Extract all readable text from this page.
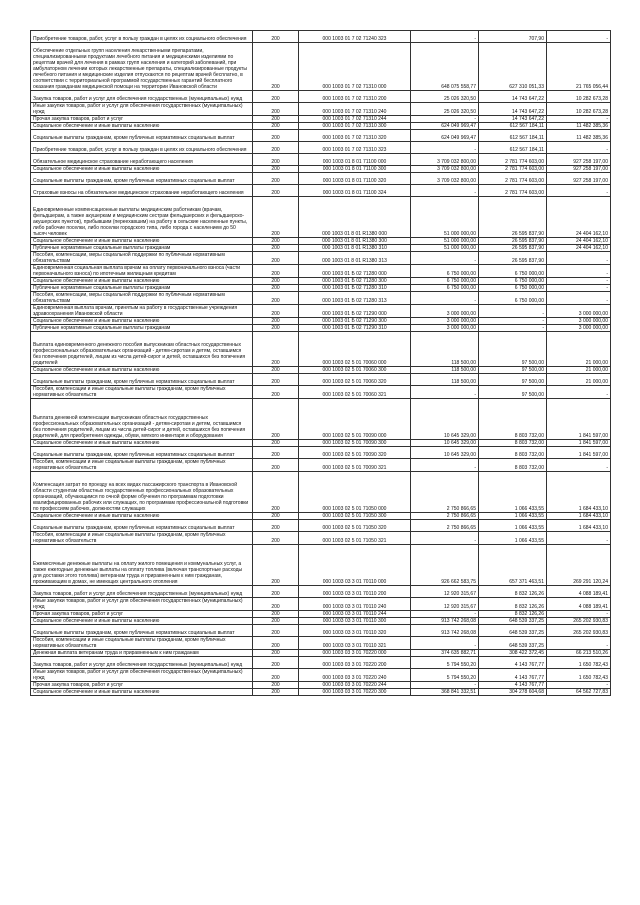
Приобретение товаров, работ, услуг в пользу граждан в целях их социального обеспечения	200	000 1003 01 7 02 71240 323	-	707,90	-
Обеспечение отдельных групп населения лекарственными препаратами, специализированными продуктами лечебного питания и медицинскими изделиями по рецептам врачей для лечения в рамках групп населения и категорий заболеваний, при амбулаторном лечении которых лекарственные препараты, специализированные продукты лечебного питания и медицинские изделия отпускаются по рецептам врачей бесплатно, в соответствии с территориальной программой государственных гарантий бесплатного оказания гражданам медицинской помощи на территории Ивановской области	200	000 1003 01 7 02 71310 000	648 075 558,77	627 310 051,33	21 765 056,44
Закупка товаров, работ и услуг для обеспечения государственных (муниципальных) нужд	200	000 1003 01 7 02 71310 200	25 026 320,50	14 743 647,22	10 282 673,28
Иные закупки товаров, работ и услуг для обеспечения государственных (муниципальных) нужд	200	000 1003 01 7 02 71310 240	25 026 320,50	14 743 647,22	10 282 673,28
Прочая закупка товаров, работ и услуг	200	000 1003 01 7 02 71310 244	-	14 743 647,22	-
Социальное обеспечение и иные выплаты населению	200	000 1003 01 7 02 71310 300	624 049 969,47	612 567 184,11	11 482 385,36
Социальные выплаты гражданам, кроме публичных нормативных социальных выплат	200	000 1003 01 7 02 71310 320	624 049 969,47	612 567 184,11	11 482 385,36
Приобретение товаров, работ, услуг в пользу граждан в целях их социального обеспечения	200	000 1003 01 7 02 71310 323	-	612 567 184,11	-
Обязательное медицинское страхование неработающего населения	200	000 1003 01 8 01 71100 000	3 709 032 800,00	2 781 774 603,00	927 258 197,00
Социальное обеспечение и иные выплаты населению	200	000 1003 01 8 01 71100 300	3 709 032 800,00	2 781 774 603,00	927 258 197,00
Социальные выплаты гражданам, кроме публичных нормативных социальных выплат	200	000 1003 01 8 01 71100 320	3 709 032 800,00	2 781 774 603,00	927 258 197,00
Страховые взносы на обязательное медицинское страхование неработающего населения	200	000 1003 01 8 01 71100 324	-	2 781 774 603,00	-
Единовременные компенсационные выплаты медицинским работникам (врачам, фельдшерам, а также акушеркам и медицинским сестрам фельдшерских и фельдшерско-акушерских пунктов), прибывшим (переехавшим) на работу в сельские населенные пункты, либо рабочие поселки, либо поселки городского типа, либо города с населением до 50 тысяч человек	200	000 1003 01 8 01 R1380 000	51 000 000,00	26 595 837,90	24 404 162,10
Социальное обеспечение и иные выплаты населению	200	000 1003 01 8 01 R1380 300	51 000 000,00	26 595 837,90	24 404 162,10
Публичные нормативные социальные выплаты гражданам	200	000 1003 01 8 01 R1380 310	51 000 000,00	26 595 837,90	24 404 162,10
Пособия, компенсации, меры социальной поддержки по публичным нормативным обязательствам	200	000 1003 01 8 01 R1380 313	-	26 595 837,90	-
Единовременная социальная выплата врачам на оплату первоначального взноса (части первоначального взноса) по ипотечным жилищным кредитам	200	000 1003 01 Б 02 71280 000	6 750 000,00	6 750 000,00	-
Социальное обеспечение и иные выплаты населению	200	000 1003 01 Б 02 71280 300	6 750 000,00	6 750 000,00	-
Публичные нормативные социальные выплаты гражданам	200	000 1003 01 Б 02 71280 310	6 750 000,00	6 750 000,00	-
Пособия, компенсации, меры социальной поддержки по публичным нормативным обязательствам	200	000 1003 01 Б 02 71280 313	-	6 750 000,00	-
Единовременная выплата врачам, принятым на работу в государственные учреждения здравоохранения Ивановской области	200	000 1003 01 Б 02 71290 000	3 000 000,00	-	3 000 000,00
Социальное обеспечение и иные выплаты населению	200	000 1003 01 Б 02 71290 300	3 000 000,00	-	3 000 000,00
Публичные нормативные социальные выплаты гражданам	200	000 1003 01 Б 02 71290 310	3 000 000,00	-	3 000 000,00
Выплата единовременного денежного пособия выпускникам областных государственных профессиональных образовательных организаций - детям-сиротам и детям, оставшимся без попечения родителей, лицам из числа детей-сирот и детей, оставшихся без попечения родителей	200	000 1003 02 5 01 70060 000	118 500,00	97 500,00	21 000,00
Социальное обеспечение и иные выплаты населению	200	000 1003 02 5 01 70060 300	118 500,00	97 500,00	21 000,00
Социальные выплаты гражданам, кроме публичных нормативных социальных выплат	200	000 1003 02 5 01 70060 320	118 500,00	97 500,00	21 000,00
Пособия, компенсации и иные социальные выплаты гражданам, кроме публичных нормативных обязательств	200	000 1003 02 5 01 70060 321	-	97 500,00	-
Выплата денежной компенсации выпускникам областных государственных профессиональных образовательных организаций - детям-сиротам и детям, оставшимся без попечения родителей, лицам из числа детей-сирот и детей, оставшихся без попечения родителей, для приобретения одежды, обуви, мягкого инвентаря и оборудования	200	000 1003 02 5 01 70090 000	10 645 329,00	8 803 732,00	1 841 597,00
Социальное обеспечение и иные выплаты населению	200	000 1003 02 5 01 70090 300	10 645 329,00	8 803 732,00	1 841 597,00
Социальные выплаты гражданам, кроме публичных нормативных социальных выплат	200	000 1003 02 5 01 70090 320	10 645 329,00	8 803 732,00	1 841 597,00
Пособия, компенсации и иные социальные выплаты гражданам, кроме публичных нормативных обязательств	200	000 1003 02 5 01 70090 321	-	8 803 732,00	-
Компенсация затрат по проезду на всех видах пассажирского транспорта в Ивановской области студентам областных государственных профессиональных образовательных организаций, обучающимся по очной форме обучения по программам подготовки квалифицированных рабочих или служащих, по программам профессиональной подготовки по профессиям рабочих, должностям служащих	200	000 1003 02 5 01 71050 000	2 750 866,65	1 066 433,55	1 684 433,10
Социальное обеспечение и иные выплаты населению	200	000 1003 02 5 01 71050 300	2 750 866,65	1 066 433,55	1 684 433,10
Социальные выплаты гражданам, кроме публичных нормативных социальных выплат	200	000 1003 02 5 01 71050 320	2 750 866,65	1 066 433,55	1 684 433,10
Пособия, компенсации и иные социальные выплаты гражданам, кроме публичных нормативных обязательств	200	000 1003 02 5 01 71050 321	-	1 066 433,55	-
Ежемесячные денежные выплаты на оплату жилого помещения и коммунальных услуг, а также ежегодные денежные выплаты на оплату топлива (включая транспортные расходы для доставки этого топлива) ветеранам труда и приравненным к ним гражданам, проживающим в домах, не имеющих центрального отопления	200	000 1003 03 3 01 70110 000	926 662 583,75	657 371 463,51	269 291 120,24
Закупка товаров, работ и услуг для обеспечения государственных (муниципальных) нужд	200	000 1003 03 3 01 70110 200	12 920 315,67	8 832 126,26	4 088 189,41
Иные закупки товаров, работ и услуг для обеспечения государственных (муниципальных) нужд	200	000 1003 03 3 01 70110 240	12 920 315,67	8 832 126,26	4 088 189,41
Прочая закупка товаров, работ и услуг	200	000 1003 03 3 01 70110 244	-	8 832 126,26	-
Социальное обеспечение и иные выплаты населению	200	000 1003 03 3 01 70110 300	913 742 268,08	648 539 337,25	265 202 930,83
Социальные выплаты гражданам, кроме публичных нормативных социальных выплат	200	000 1003 03 3 01 70110 320	913 742 268,08	648 539 337,25	265 202 930,83
Пособия, компенсации и иные социальные выплаты гражданам, кроме публичных нормативных обязательств	200	000 1003 03 3 01 70110 321	-	648 539 337,25	-
Денежная выплата ветеранам труда и приравненным к ним гражданам	200	000 1003 03 3 01 70220 000	374 635 882,71	308 422 372,45	66 213 510,26
Закупка товаров, работ и услуг для обеспечения государственных (муниципальных) нужд	200	000 1003 03 3 01 70220 200	5 794 550,20	4 143 767,77	1 650 782,43
Иные закупки товаров, работ и услуг для обеспечения государственных (муниципальных) нужд	200	000 1003 03 3 01 70220 240	5 794 550,20	4 143 767,77	1 650 782,43
Прочая закупка товаров, работ и услуг	200	000 1003 03 3 01 70220 244	-	4 143 767,77	-
Социальное обеспечение и иные выплаты населению	200	000 1003 03 3 01 70220 300	368 841 332,51	304 278 604,68	64 562 727,83
